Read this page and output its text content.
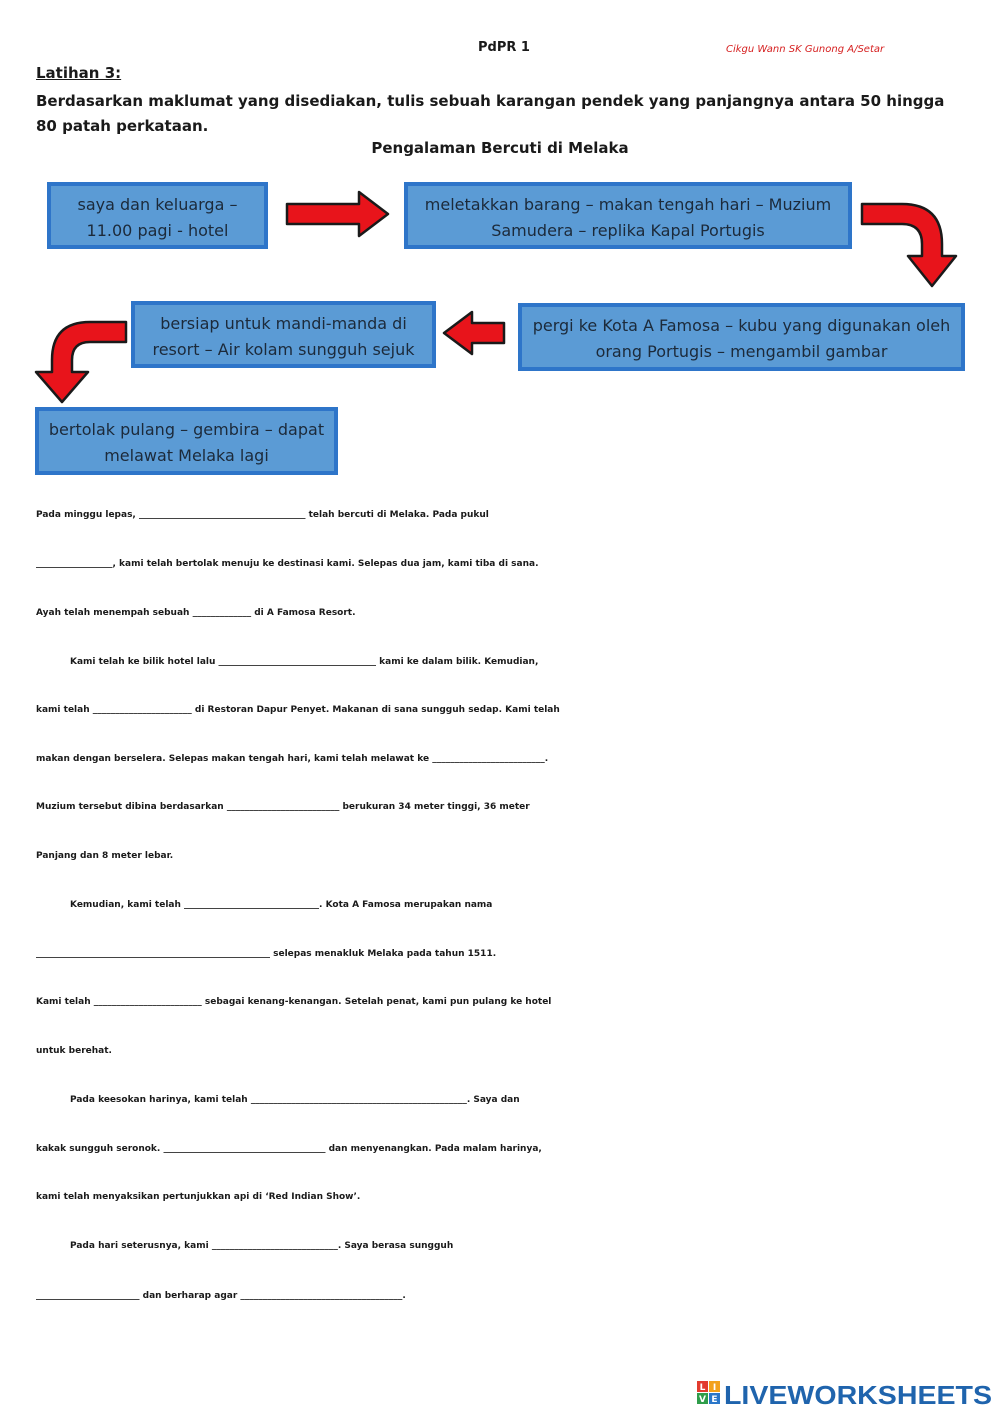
PdPR 1	Cikgu Wann SK Gunong A/Setar
Latihan 3:
Berdasarkan maklumat yang disediakan, tulis sebuah karangan pendek yang panjangnya antara 50 hingga 80 patah perkataan.
Pengalaman Bercuti di Melaka
saya dan keluarga –
11.00 pagi - hotel
meletakkan barang – makan tengah hari – Muzium
Samudera – replika Kapal Portugis
pergi ke Kota A Famosa – kubu yang digunakan oleh
orang Portugis – mengambil gambar
bersiap untuk mandi-manda di
resort – Air kolam sungguh sejuk
bertolak pulang – gembira – dapat
melawat Melaka lagi
Pada minggu lepas, _____________________________________ telah bercuti di Melaka. Pada pukul
_________________, kami telah bertolak menuju ke destinasi kami. Selepas dua jam, kami tiba di sana.
Ayah telah menempah sebuah _____________ di A Famosa Resort.
Kami telah ke bilik hotel lalu ___________________________________ kami ke dalam bilik. Kemudian,
kami telah ______________________ di Restoran Dapur Penyet. Makanan di sana sungguh sedap. Kami telah
makan dengan berselera. Selepas makan tengah hari, kami telah melawat ke _________________________.
Muzium tersebut dibina berdasarkan _________________________ berukuran 34 meter tinggi, 36 meter
Panjang dan 8 meter lebar.
Kemudian, kami telah ______________________________. Kota A Famosa merupakan nama
____________________________________________________ selepas menakluk Melaka pada tahun 1511.
Kami telah ________________________ sebagai kenang-kenangan. Setelah penat, kami pun pulang ke hotel
untuk berehat.
Pada keesokan harinya, kami telah ________________________________________________. Saya dan
kakak sungguh seronok. ____________________________________ dan menyenangkan. Pada malam harinya,
kami telah menyaksikan pertunjukkan api di ‘Red Indian Show’.
Pada hari seterusnya, kami ____________________________. Saya berasa sungguh
_______________________ dan berharap agar ____________________________________.
L I
V E LIVEWORKSHEETS
